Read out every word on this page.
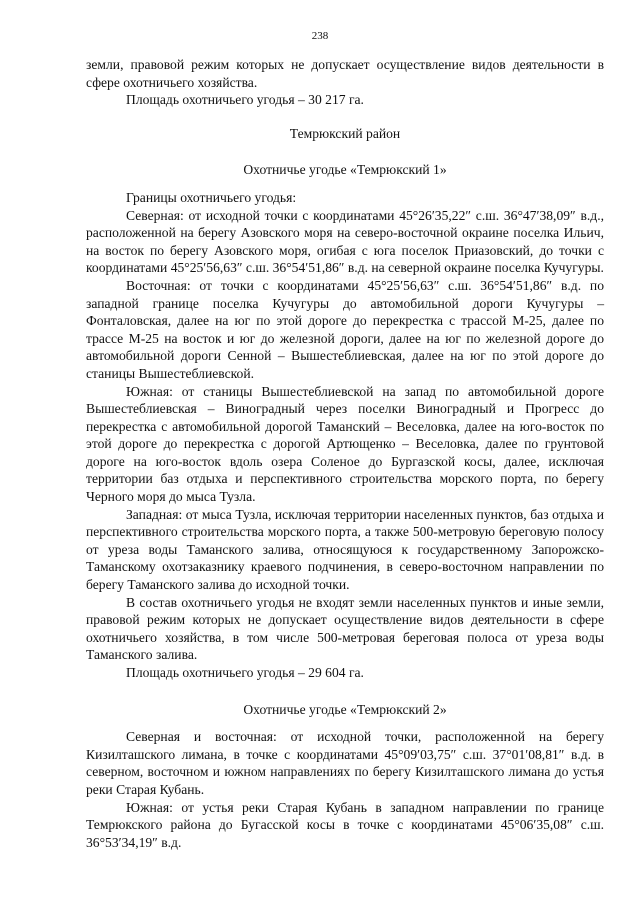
238

земли, правовой режим которых не допускает осуществление видов деятельности в сфере охотничьего хозяйства.

Площадь охотничьего угодья – 30 217 га.

Темрюкский район

Охотничье угодье «Темрюкский 1»

Границы охотничьего угодья:

Северная: от исходной точки с координатами 45°26′35,22″ с.ш. 36°47′38,09″ в.д., расположенной на берегу Азовского моря на северо-восточной окраине поселка Ильич, на восток по берегу Азовского моря, огибая с юга поселок Приазовский, до точки с координатами 45°25′56,63″ с.ш. 36°54′51,86″ в.д. на северной окраине поселка Кучугуры.

Восточная: от точки с координатами 45°25′56,63″ с.ш. 36°54′51,86″ в.д. по западной границе поселка Кучугуры до автомобильной дороги Кучугуры – Фонталовская, далее на юг по этой дороге до перекрестка с трассой М-25, далее по трассе М-25 на восток и юг до железной дороги, далее на юг по железной дороге до автомобильной дороги Сенной – Вышестеблиевская, далее на юг по этой дороге до станицы Вышестеблиевской.

Южная: от станицы Вышестеблиевской на запад по автомобильной дороге Вышестеблиевская – Виноградный через поселки Виноградный и Прогресс до перекрестка с автомобильной дорогой Таманский – Веселовка, далее на юго-восток по этой дороге до перекрестка с дорогой Артющенко – Веселовка, далее по грунтовой дороге на юго-восток вдоль озера Соленое до Бургазской косы, далее, исключая территории баз отдыха и перспективного строительства морского порта, по берегу Черного моря до мыса Тузла.

Западная: от мыса Тузла, исключая территории населенных пунктов, баз отдыха и перспективного строительства морского порта, а также 500-метровую береговую полосу от уреза воды Таманского залива, относящуюся к государственному Запорожско-Таманскому охотзаказнику краевого подчинения, в северо-восточном направлении по берегу Таманского залива до исходной точки.

В состав охотничьего угодья не входят земли населенных пунктов и иные земли, правовой режим которых не допускает осуществление видов деятельности в сфере охотничьего хозяйства, в том числе 500-метровая береговая полоса от уреза воды Таманского залива.

Площадь охотничьего угодья – 29 604 га.

Охотничье угодье «Темрюкский 2»

Северная и восточная: от исходной точки, расположенной на берегу Кизилташского лимана, в точке с координатами 45°09′03,75″ с.ш. 37°01′08,81″ в.д. в северном, восточном и южном направлениях по берегу Кизилташского лимана до устья реки Старая Кубань.

Южная: от устья реки Старая Кубань в западном направлении по границе Темрюкского района до Бугасской косы в точке с координатами 45°06′35,08″ с.ш. 36°53′34,19″ в.д.
